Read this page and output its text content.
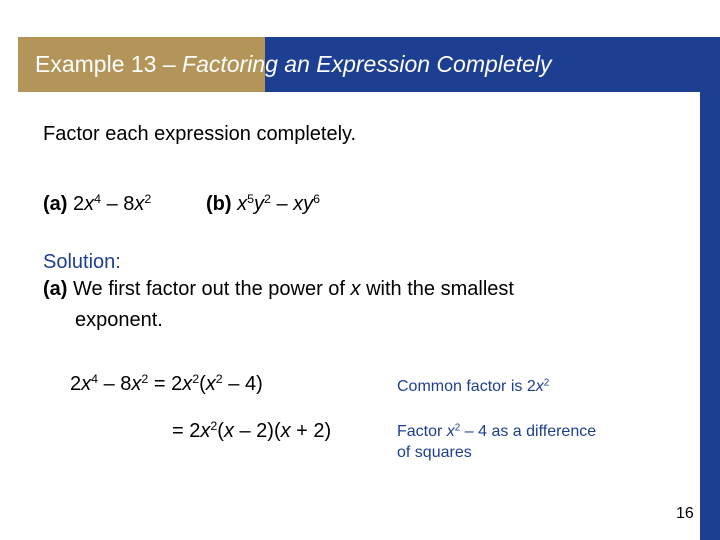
Example 13 – Factoring an Expression Completely
Factor each expression completely.
(a) $2x^4 - 8x^2$	(b) $x^5y^2 - xy^6$
Solution:
(a) We first factor out the power of x with the smallest
exponent.
$2x^4 - 8x^2 = 2x^2(x^2 - 4)$
= $2x^2(x - 2)(x + 2)$
Common factor is $2x^2$
Factor $x^2 - 4$ as a difference
of squares
16
